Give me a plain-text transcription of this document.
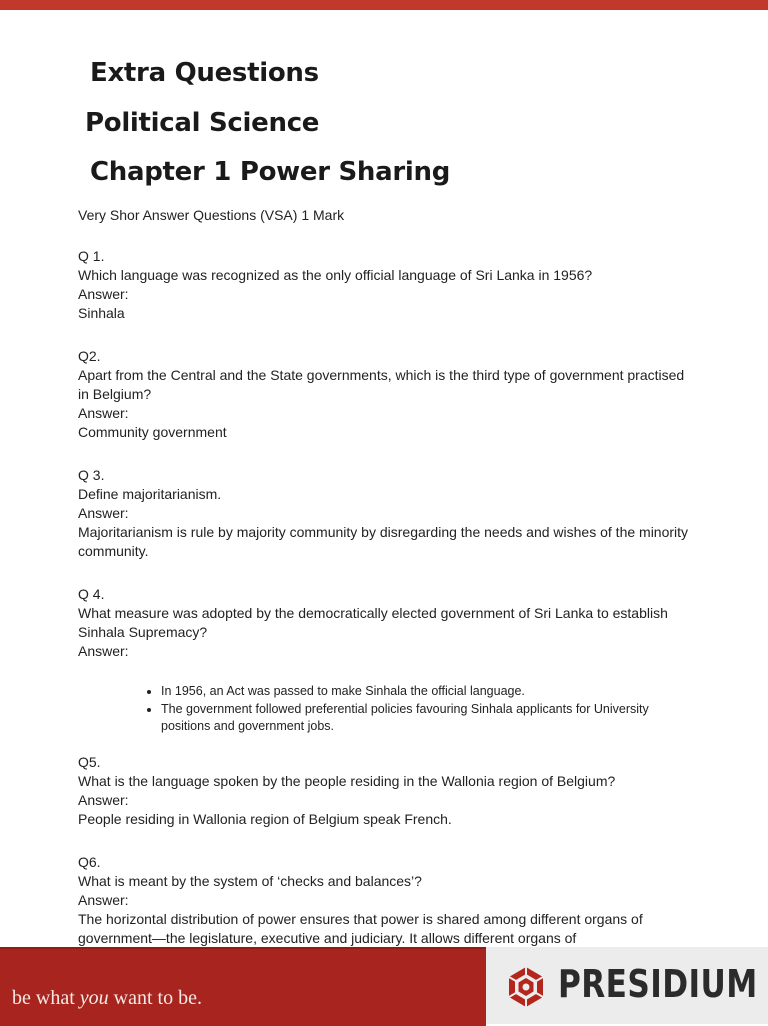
Extra Questions
Political Science
Chapter 1 Power Sharing

Very Shor Answer Questions (VSA) 1 Mark

Q 1.

Which language was recognized as the only official language of Sri Lanka in 1956?

Answer:

Sinhala

Q2.

Apart from the Central and the State governments, which is the third type of government practised in Belgium?

Answer:

Community government

Q 3.

Define majoritarianism.

Answer:

Majoritarianism is rule by majority community by disregarding the needs and wishes of the minority community.

Q 4.

What measure was adopted by the democratically elected government of Sri Lanka to establish Sinhala Supremacy?

Answer:

• In 1956, an Act was passed to make Sinhala the official language.
• The government followed preferential policies favouring Sinhala applicants for University positions and government jobs.

Q5.

What is the language spoken by the people residing in the Wallonia region of Belgium?

Answer:

People residing in Wallonia region of Belgium speak French.

Q6.

What is meant by the system of ‘checks and balances’?

Answer:

The horizontal distribution of power ensures that power is shared among different organs of government—the legislature, executive and judiciary. It allows different organs of

be what you want to be.	PRESIDIUM
